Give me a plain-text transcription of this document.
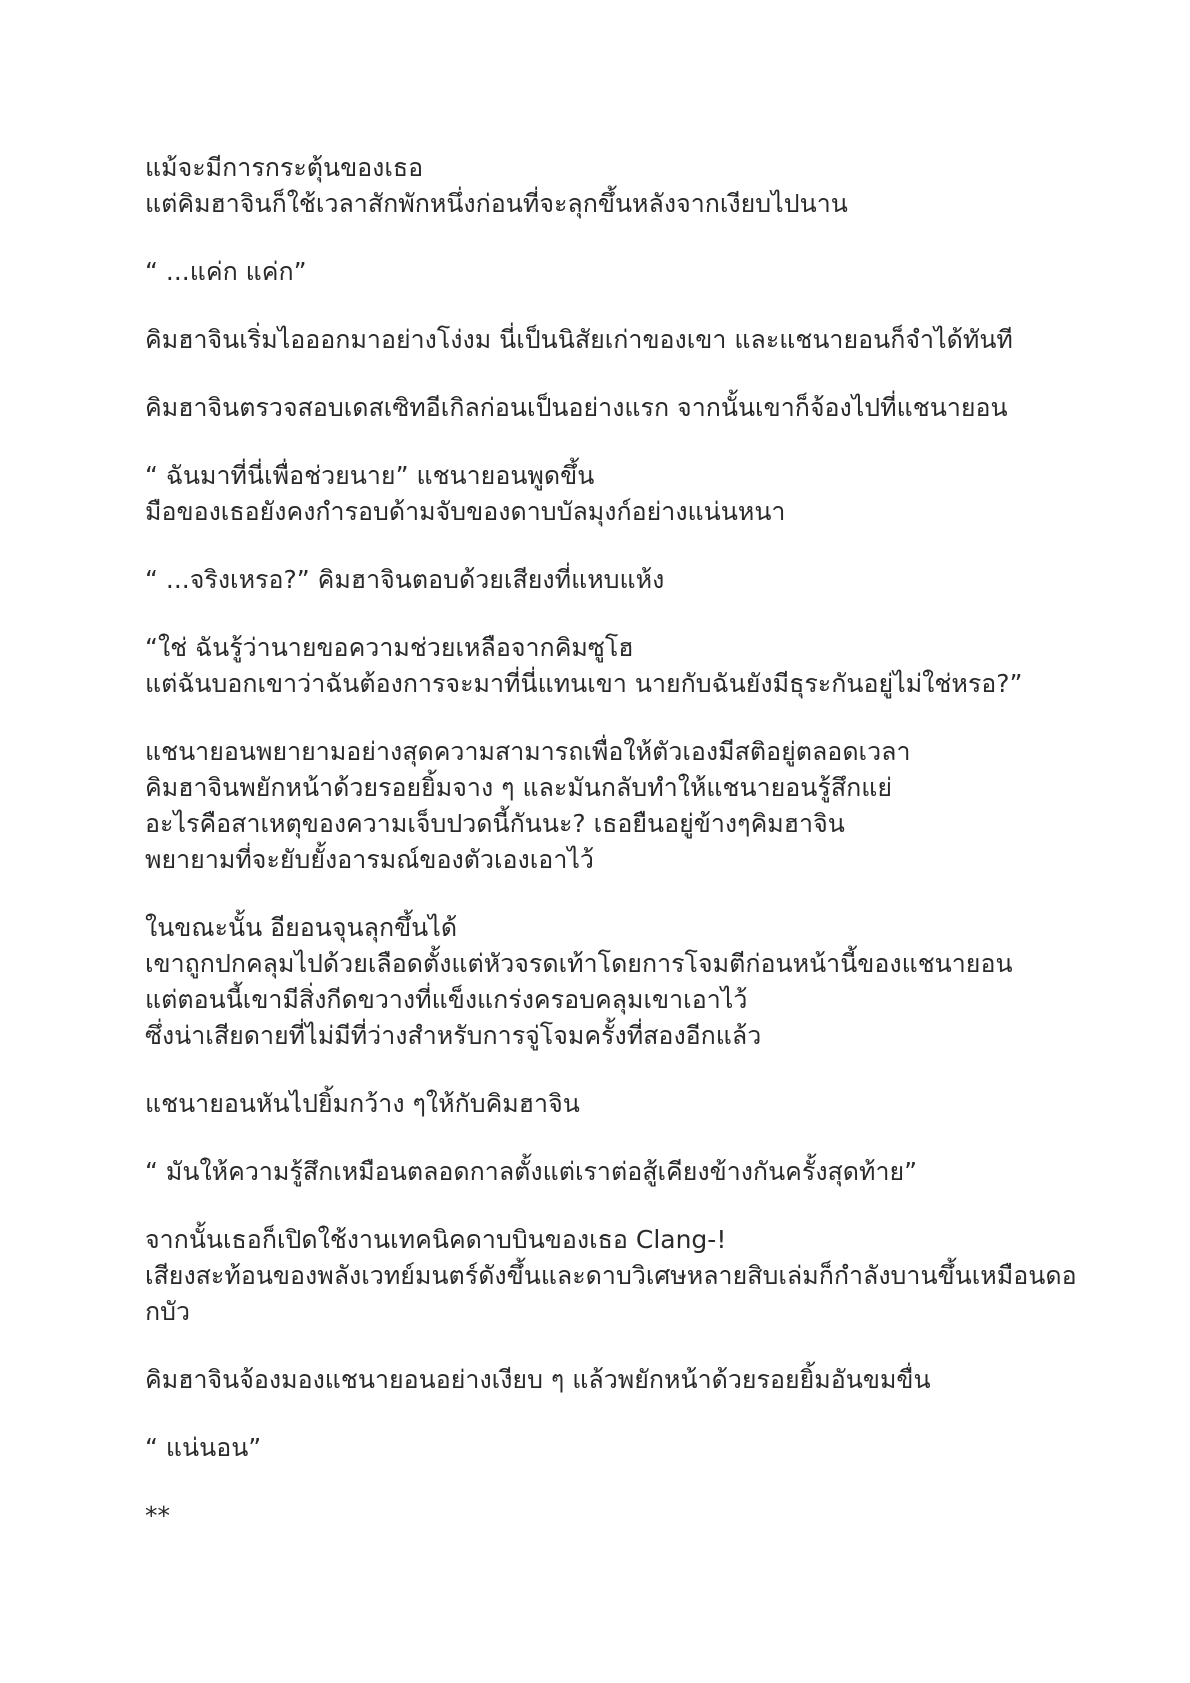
แม้จะมีการกระตุ้นของเธอ
แต่คิมฮาจินก็ใช้เวลาสักพักหนึ่งก่อนที่จะลุกขึ้นหลังจากเงียบไปนาน

“ ...แค่ก แค่ก”

คิมฮาจินเริ่มไอออกมาอย่างโง่งม นี่เป็นนิสัยเก่าของเขา และแชนายอนก็จำได้ทันที

คิมฮาจินตรวจสอบเดสเซิทอีเกิลก่อนเป็นอย่างแรก จากนั้นเขาก็จ้องไปที่แชนายอน

“ ฉันมาที่นี่เพื่อช่วยนาย” แชนายอนพูดขึ้น
มือของเธอยังคงกำรอบด้ามจับของดาบบัลมุงก์อย่างแน่นหนา

“ ...จริงเหรอ?” คิมฮาจินตอบด้วยเสียงที่แหบแห้ง

“ใช่ ฉันรู้ว่านายขอความช่วยเหลือจากคิมซูโฮ
แต่ฉันบอกเขาว่าฉันต้องการจะมาที่นี่แทนเขา นายกับฉันยังมีธุระกันอยู่ไม่ใช่หรอ?”

แชนายอนพยายามอย่างสุดความสามารถเพื่อให้ตัวเองมีสติอยู่ตลอดเวลา
คิมฮาจินพยักหน้าด้วยรอยยิ้มจาง ๆ และมันกลับทำให้แชนายอนรู้สึกแย่
อะไรคือสาเหตุของความเจ็บปวดนี้กันนะ? เธอยืนอยู่ข้างๆคิมฮาจิน
พยายามที่จะยับยั้งอารมณ์ของตัวเองเอาไว้

ในขณะนั้น อียอนจุนลุกขึ้นได้
เขาถูกปกคลุมไปด้วยเลือดตั้งแต่หัวจรดเท้าโดยการโจมตีก่อนหน้านี้ของแชนายอน
แต่ตอนนี้เขามีสิ่งกีดขวางที่แข็งแกร่งครอบคลุมเขาเอาไว้
ซึ่งน่าเสียดายที่ไม่มีที่ว่างสำหรับการจู่โจมครั้งที่สองอีกแล้ว

แชนายอนหันไปยิ้มกว้าง ๆให้กับคิมฮาจิน

“ มันให้ความรู้สึกเหมือนตลอดกาลตั้งแต่เราต่อสู้เคียงข้างกันครั้งสุดท้าย”

จากนั้นเธอก็เปิดใช้งานเทคนิคดาบบินของเธอ Clang-!
เสียงสะท้อนของพลังเวทย์มนตร์ดังขึ้นและดาบวิเศษหลายสิบเล่มก็กำลังบานขึ้นเหมือนดอ
กบัว

คิมฮาจินจ้องมองแชนายอนอย่างเงียบ ๆ แล้วพยักหน้าด้วยรอยยิ้มอันขมขื่น

“ แน่นอน”

**
